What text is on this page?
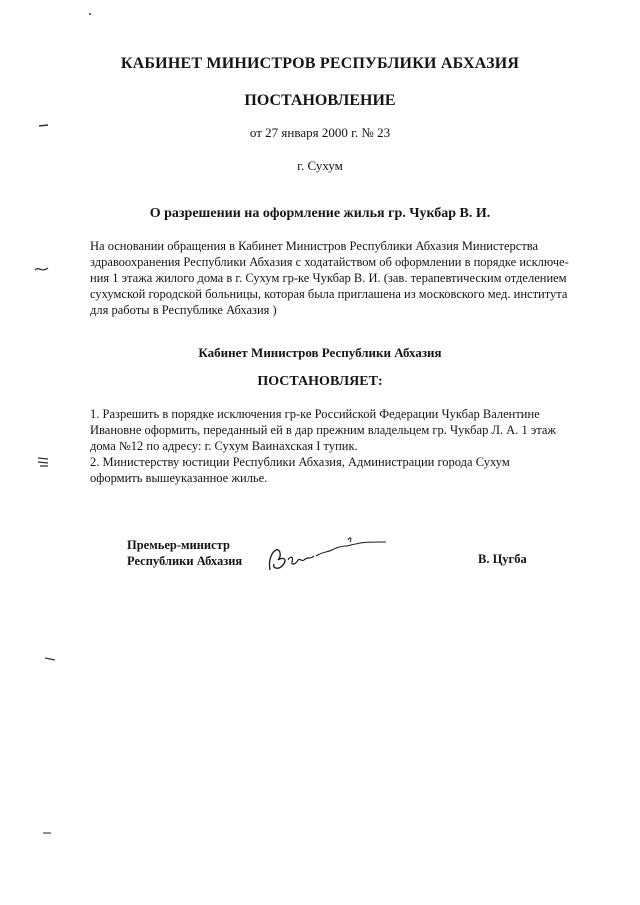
КАБИНЕТ МИНИСТРОВ РЕСПУБЛИКИ АБХАЗИЯ
ПОСТАНОВЛЕНИЕ
от 27 января 2000 г. № 23
г. Сухум
О разрешении на оформление жилья гр. Чукбар В. И.
На основании обращения в Кабинет Министров Республики Абхазия Министерства
здравоохранения Республики Абхазия с ходатайством об оформлении в порядке исключе-
ния 1 этажа жилого дома в г. Сухум гр-ке Чукбар В. И. (зав. терапевтическим отделением
сухумской городской больницы, которая была приглашена из московского мед. института
для работы в Республике Абхазия )
Кабинет Министров Республики Абхазия
ПОСТАНОВЛЯЕТ:
1. Разрешить в порядке исключения гр-ке Российской Федерации Чукбар Валентине
Ивановне оформить, переданный ей в дар прежним владельцем гр. Чукбар Л. А. 1 этаж
дома №12 по адресу: г. Сухум Ваинахская I тупик.
2. Министерству юстиции Республики Абхазия, Администрации города Сухум
оформить вышеуказанное жилье.
Премьер-министр
Республики Абхазия	В. Цугба
